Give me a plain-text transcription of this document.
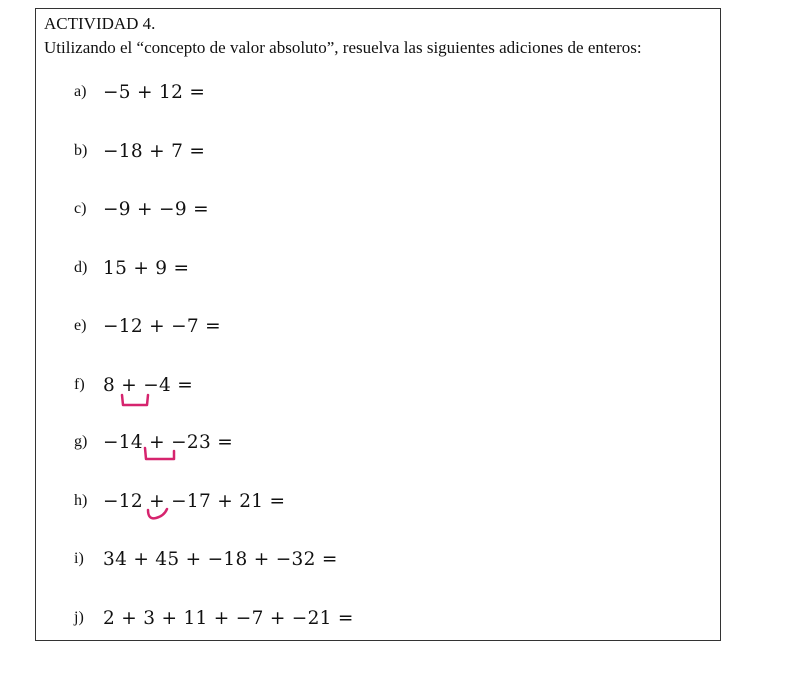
ACTIVIDAD 4.
Utilizando el “concepto de valor absoluto”, resuelva las siguientes adiciones de enteros:
a) −5 + 12 =
b) −18 + 7 =
c) −9 + −9 =
d) 15 + 9 =
e) −12 + −7 =
f) 8 + −4 =
g) −14 + −23 =
h) −12 + −17 + 21 =
i)	34 + 45 + −18 + −32 =
j)	2 + 3 + 11 + −7 + −21 =
